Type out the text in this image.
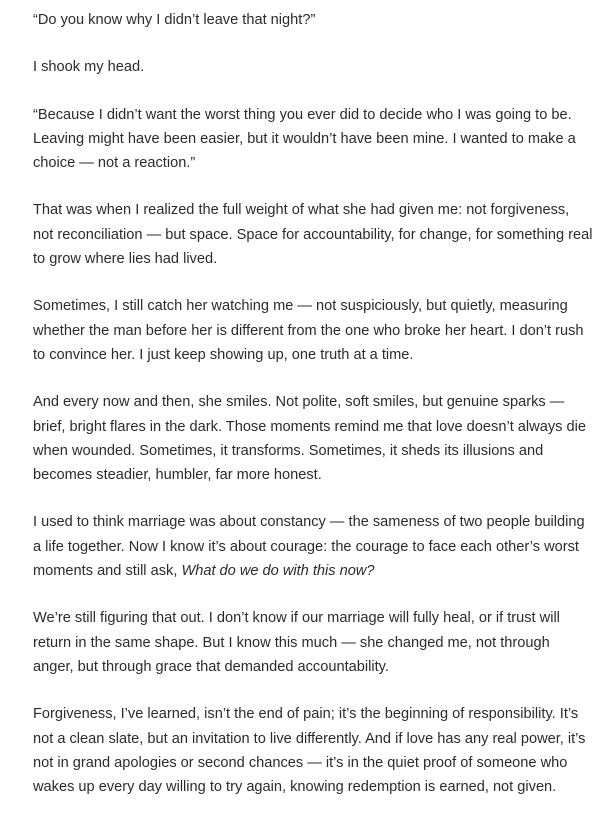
“Do you know why I didn’t leave that night?”

I shook my head.

“Because I didn’t want the worst thing you ever did to decide who I was going to be. Leaving might have been easier, but it wouldn’t have been mine. I wanted to make a choice — not a reaction.”

That was when I realized the full weight of what she had given me: not forgiveness, not reconciliation — but space. Space for accountability, for change, for something real to grow where lies had lived.

Sometimes, I still catch her watching me — not suspiciously, but quietly, measuring whether the man before her is different from the one who broke her heart. I don’t rush to convince her. I just keep showing up, one truth at a time.

And every now and then, she smiles. Not polite, soft smiles, but genuine sparks — brief, bright flares in the dark. Those moments remind me that love doesn’t always die when wounded. Sometimes, it transforms. Sometimes, it sheds its illusions and becomes steadier, humbler, far more honest.

I used to think marriage was about constancy — the sameness of two people building a life together. Now I know it’s about courage: the courage to face each other’s worst moments and still ask, What do we do with this now?

We’re still figuring that out. I don’t know if our marriage will fully heal, or if trust will return in the same shape. But I know this much — she changed me, not through anger, but through grace that demanded accountability.

Forgiveness, I’ve learned, isn’t the end of pain; it’s the beginning of responsibility. It’s not a clean slate, but an invitation to live differently. And if love has any real power, it’s not in grand apologies or second chances — it’s in the quiet proof of someone who wakes up every day willing to try again, knowing redemption is earned, not given.
